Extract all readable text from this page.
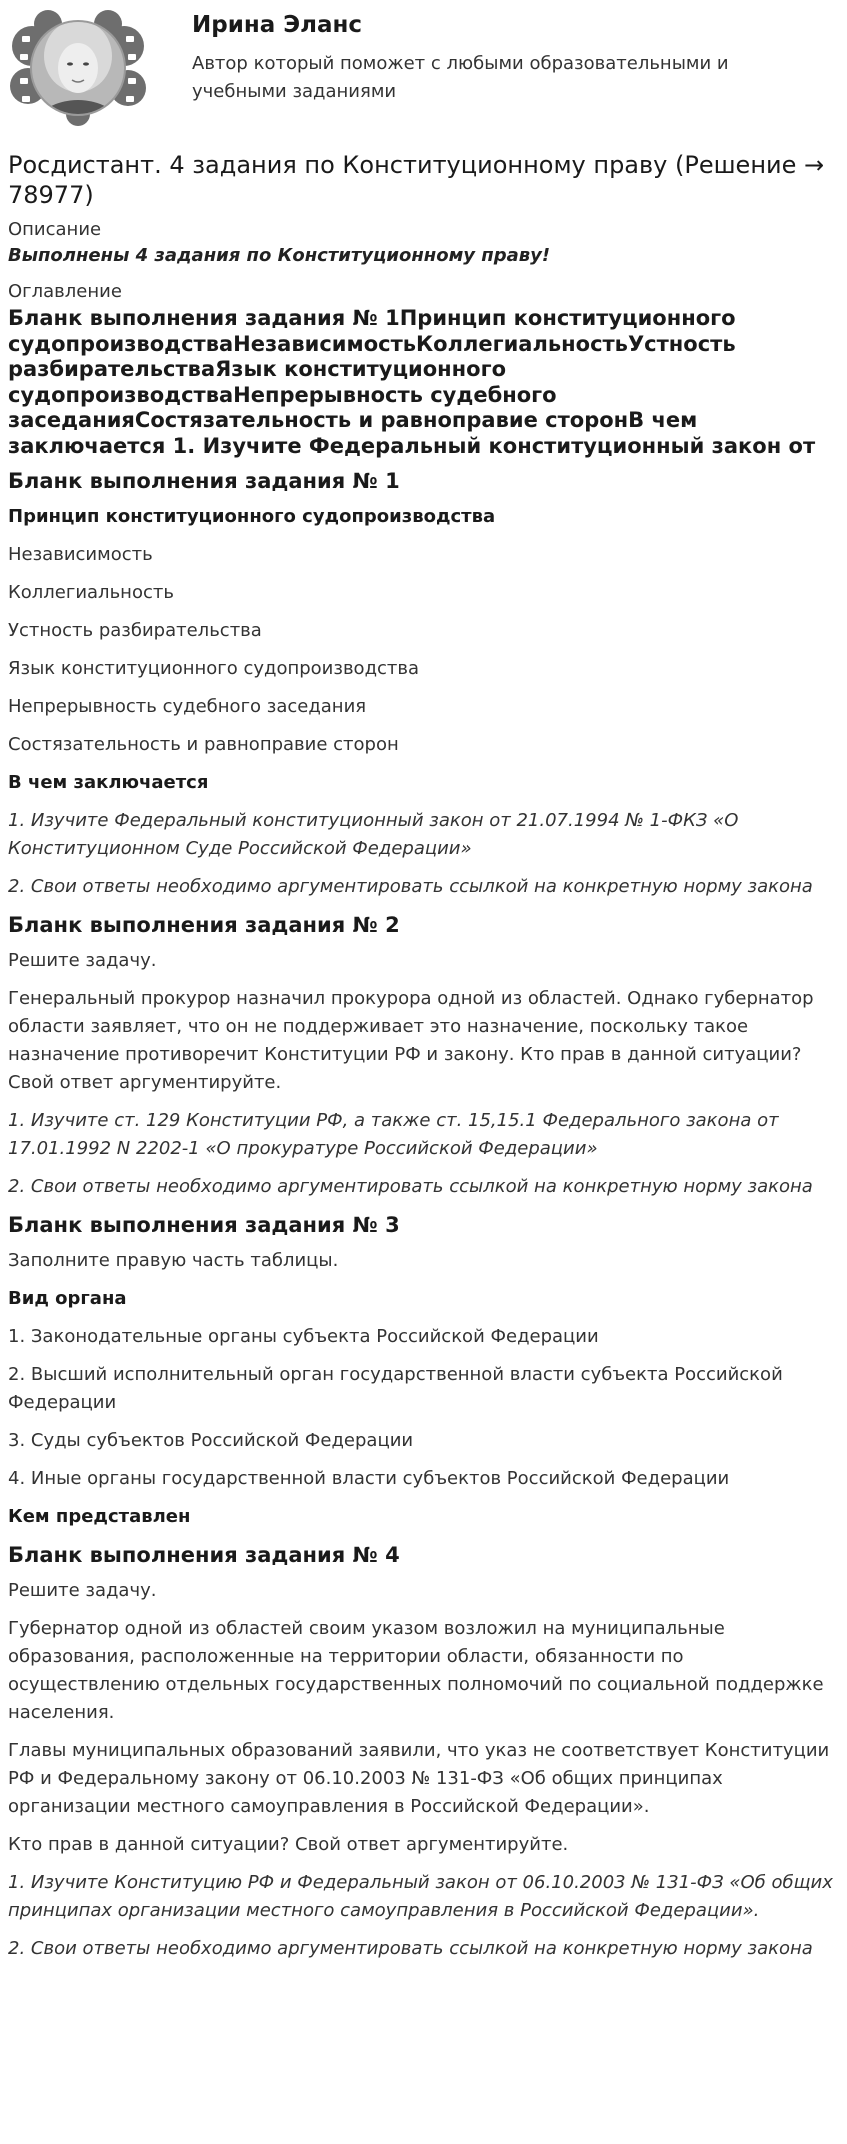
Ирина Эланс
Автор который поможет с любыми образовательными и учебными заданиями
Росдистант. 4 задания по Конституционному праву (Решение → 78977)

Описание

Выполнены 4 задания по Конституционному праву!

Оглавление

Бланк выполнения задания № 1Принцип конституционного судопроизводстваНезависимостьКоллегиальностьУстность разбирательстваЯзык конституционного судопроизводстваНепрерывность судебного заседанияСостязательность и равноправие сторонВ чем заключается 1. Изучите Федеральный конституционный закон от
Бланк выполнения задания № 1

Принцип конституционного судопроизводства

Независимость

Коллегиальность

Устность разбирательства

Язык конституционного судопроизводства

Непрерывность судебного заседания

Состязательность и равноправие сторон

В чем заключается

1. Изучите Федеральный конституционный закон от 21.07.1994 № 1-ФКЗ «О Конституционном Суде Российской Федерации»

2. Свои ответы необходимо аргументировать ссылкой на конкретную норму закона

Бланк выполнения задания № 2

Решите задачу.

Генеральный прокурор назначил прокурора одной из областей. Однако губернатор области заявляет, что он не поддерживает это назначение, поскольку такое назначение противоречит Конституции РФ и закону. Кто прав в данной ситуации? Свой ответ аргументируйте.

1. Изучите ст. 129 Конституции РФ, а также ст. 15,15.1 Федерального закона от 17.01.1992 N 2202-1 «О прокуратуре Российской Федерации»

2. Свои ответы необходимо аргументировать ссылкой на конкретную норму закона

Бланк выполнения задания № 3

Заполните правую часть таблицы.

Вид органа

1. Законодательные органы субъекта Российской Федерации

2. Высший исполнительный орган государственной власти субъекта Российской Федерации

3. Суды субъектов Российской Федерации

4. Иные органы государственной власти субъектов Российской Федерации

Кем представлен

Бланк выполнения задания № 4

Решите задачу.

Губернатор одной из областей своим указом возложил на муниципальные образования, расположенные на территории области, обязанности по осуществлению отдельных государственных полномочий по социальной поддержке населения.

Главы муниципальных образований заявили, что указ не соответствует Конституции РФ и Федеральному закону от 06.10.2003 № 131-ФЗ «Об общих принципах организации местного самоуправления в Российской Федерации».

Кто прав в данной ситуации? Свой ответ аргументируйте.

1. Изучите Конституцию РФ и Федеральный закон от 06.10.2003 № 131-ФЗ «Об общих принципах организации местного самоуправления в Российской Федерации».

2. Свои ответы необходимо аргументировать ссылкой на конкретную норму закона
